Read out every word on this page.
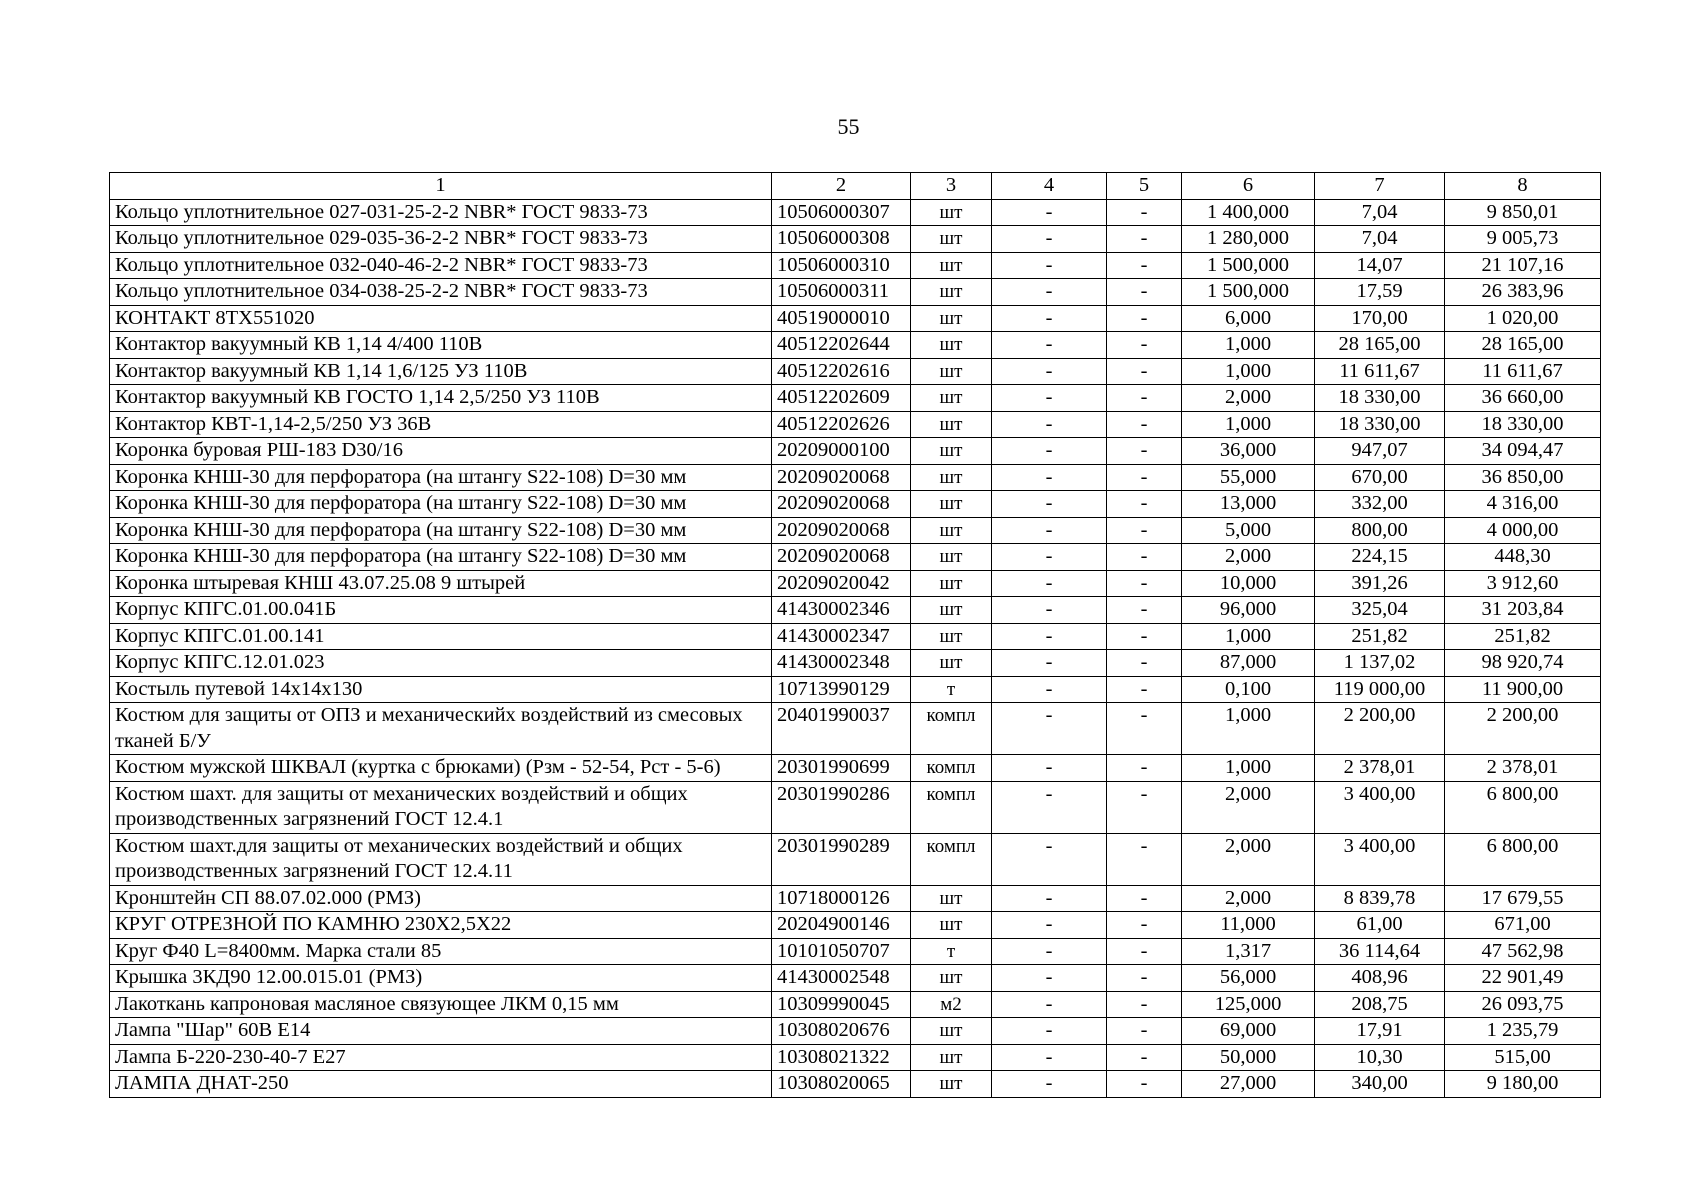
55
1	2	3	4	5	6	7	8
Кольцо уплотнительное 027-031-25-2-2 NBR* ГОСТ 9833-73	10506000307	шт	-	-	1 400,000	7,04	9 850,01
Кольцо уплотнительное 029-035-36-2-2 NBR* ГОСТ 9833-73	10506000308	шт	-	-	1 280,000	7,04	9 005,73
Кольцо уплотнительное 032-040-46-2-2 NBR* ГОСТ 9833-73	10506000310	шт	-	-	1 500,000	14,07	21 107,16
Кольцо уплотнительное 034-038-25-2-2 NBR* ГОСТ 9833-73	10506000311	шт	-	-	1 500,000	17,59	26 383,96
КОНТАКТ 8ТХ551020	40519000010	шт	-	-	6,000	170,00	1 020,00
Контактор вакуумный КВ 1,14 4/400 110В	40512202644	шт	-	-	1,000	28 165,00	28 165,00
Контактор вакуумный КВ 1,14 1,6/125 УЗ 110В	40512202616	шт	-	-	1,000	11 611,67	11 611,67
Контактор вакуумный КВ ГОСТО 1,14 2,5/250 УЗ 110В	40512202609	шт	-	-	2,000	18 330,00	36 660,00
Контактор КВТ-1,14-2,5/250 УЗ 36В	40512202626	шт	-	-	1,000	18 330,00	18 330,00
Коронка буровая РШ-183 D30/16	20209000100	шт	-	-	36,000	947,07	34 094,47
Коронка КНШ-30 для перфоратора (на штангу S22-108) D=30 мм	20209020068	шт	-	-	55,000	670,00	36 850,00
Коронка КНШ-30 для перфоратора (на штангу S22-108) D=30 мм	20209020068	шт	-	-	13,000	332,00	4 316,00
Коронка КНШ-30 для перфоратора (на штангу S22-108) D=30 мм	20209020068	шт	-	-	5,000	800,00	4 000,00
Коронка КНШ-30 для перфоратора (на штангу S22-108) D=30 мм	20209020068	шт	-	-	2,000	224,15	448,30
Коронка штыревая КНШ 43.07.25.08 9 штырей	20209020042	шт	-	-	10,000	391,26	3 912,60
Корпус КПГС.01.00.041Б	41430002346	шт	-	-	96,000	325,04	31 203,84
Корпус КПГС.01.00.141	41430002347	шт	-	-	1,000	251,82	251,82
Корпус КПГС.12.01.023	41430002348	шт	-	-	87,000	1 137,02	98 920,74
Костыль путевой 14х14х130	10713990129	т	-	-	0,100	119 000,00	11 900,00
Костюм для защиты от ОПЗ и механическийх воздействий из смесовых тканей Б/У	20401990037	компл	-	-	1,000	2 200,00	2 200,00
Костюм мужской ШКВАЛ (куртка с брюками) (Рзм - 52-54, Рст - 5-6)	20301990699	компл	-	-	1,000	2 378,01	2 378,01
Костюм шахт. для защиты от механических воздействий и общих производственных загрязнений ГОСТ 12.4.1	20301990286	компл	-	-	2,000	3 400,00	6 800,00
Костюм шахт.для защиты от механических воздействий и общих производственных загрязнений ГОСТ 12.4.11	20301990289	компл	-	-	2,000	3 400,00	6 800,00
Кронштейн СП 88.07.02.000 (РМЗ)	10718000126	шт	-	-	2,000	8 839,78	17 679,55
КРУГ ОТРЕЗНОЙ ПО КАМНЮ 230Х2,5Х22	20204900146	шт	-	-	11,000	61,00	671,00
Круг Ф40 L=8400мм. Марка стали 85	10101050707	т	-	-	1,317	36 114,64	47 562,98
Крышка 3КД90 12.00.015.01 (РМЗ)	41430002548	шт	-	-	56,000	408,96	22 901,49
Лакоткань капроновая масляное связующее ЛКМ 0,15 мм	10309990045	м2	-	-	125,000	208,75	26 093,75
Лампа "Шар" 60В Е14	10308020676	шт	-	-	69,000	17,91	1 235,79
Лампа Б-220-230-40-7 Е27	10308021322	шт	-	-	50,000	10,30	515,00
ЛАМПА ДНАТ-250	10308020065	шт	-	-	27,000	340,00	9 180,00
